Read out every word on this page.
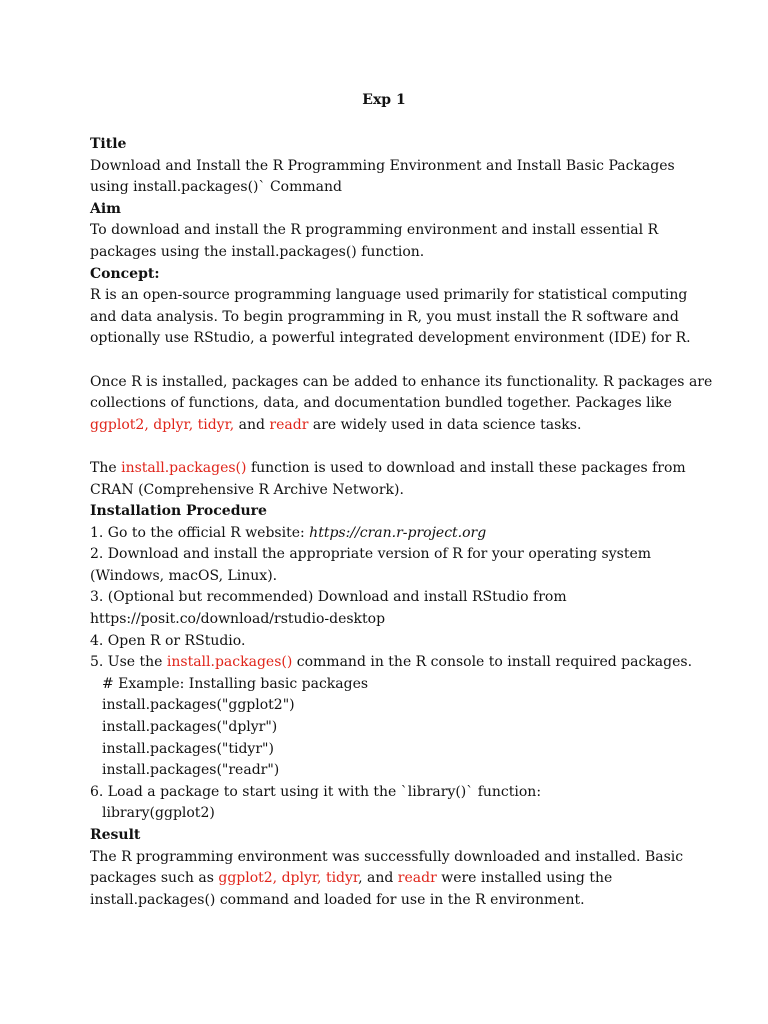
Exp 1

Title

Download and Install the R Programming Environment and Install Basic Packages

using install.packages()` Command

Aim

To download and install the R programming environment and install essential R

packages using the install.packages() function.

Concept:

R is an open-source programming language used primarily for statistical computing

and data analysis. To begin programming in R, you must install the R software and

optionally use RStudio, a powerful integrated development environment (IDE) for R.

Once R is installed, packages can be added to enhance its functionality. R packages are

collections of functions, data, and documentation bundled together. Packages like

ggplot2, dplyr, tidyr, and readr are widely used in data science tasks.

The install.packages() function is used to download and install these packages from

CRAN (Comprehensive R Archive Network).

Installation Procedure

1. Go to the official R website: https://cran.r-project.org

2. Download and install the appropriate version of R for your operating system

(Windows, macOS, Linux).

3. (Optional but recommended) Download and install RStudio from

https://posit.co/download/rstudio-desktop

4. Open R or RStudio.

5. Use the install.packages() command in the R console to install required packages.

# Example: Installing basic packages

install.packages("ggplot2")

install.packages("dplyr")

install.packages("tidyr")

install.packages("readr")

6. Load a package to start using it with the `library()` function:

library(ggplot2)

Result

The R programming environment was successfully downloaded and installed. Basic

packages such as ggplot2, dplyr, tidyr, and readr were installed using the

install.packages() command and loaded for use in the R environment.
